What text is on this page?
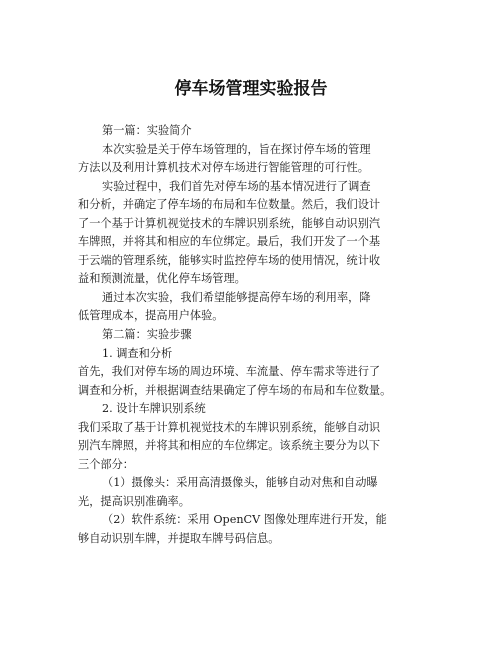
停车场管理实验报告
第一篇：实验简介
本次实验是关于停车场管理的，旨在探讨停车场的管理
方法以及利用计算机技术对停车场进行智能管理的可行性。
实验过程中，我们首先对停车场的基本情况进行了调查
和分析，并确定了停车场的布局和车位数量。然后，我们设计
了一个基于计算机视觉技术的车牌识别系统，能够自动识别汽
车牌照，并将其和相应的车位绑定。最后，我们开发了一个基
于云端的管理系统，能够实时监控停车场的使用情况，统计收
益和预测流量，优化停车场管理。
通过本次实验，我们希望能够提高停车场的利用率，降
低管理成本，提高用户体验。
第二篇：实验步骤
1. 调查和分析
首先，我们对停车场的周边环境、车流量、停车需求等进行了
调查和分析，并根据调查结果确定了停车场的布局和车位数量。
2. 设计车牌识别系统
我们采取了基于计算机视觉技术的车牌识别系统，能够自动识
别汽车牌照，并将其和相应的车位绑定。该系统主要分为以下
三个部分：
（1）摄像头：采用高清摄像头，能够自动对焦和自动曝
光，提高识别准确率。
（2）软件系统：采用 OpenCV 图像处理库进行开发，能
够自动识别车牌，并提取车牌号码信息。
